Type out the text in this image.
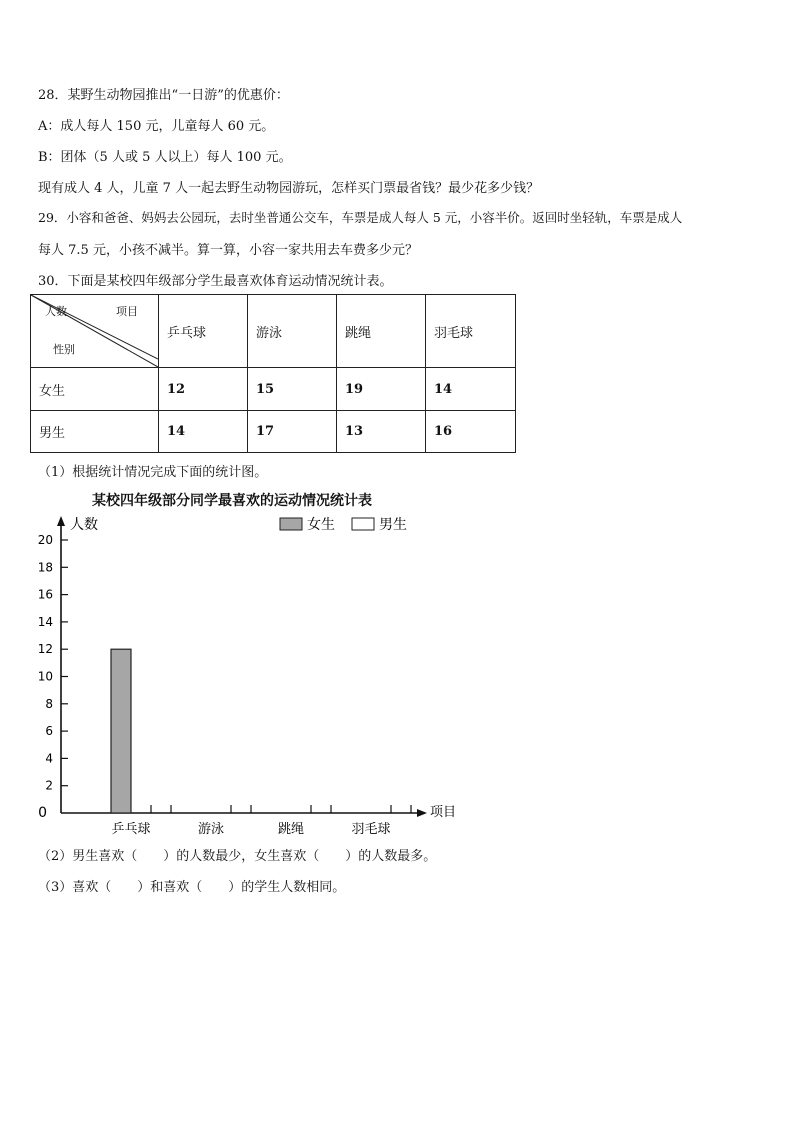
28．某野生动物园推出“一日游”的优惠价：
A：成人每人 150 元，儿童每人 60 元。
B：团体（5 人或 5 人以上）每人 100 元。
现有成人 4 人，儿童 7 人一起去野生动物园游玩，怎样买门票最省钱？最少花多少钱？
29．小容和爸爸、妈妈去公园玩，去时坐普通公交车，车票是成人每人 5 元，小容半价。返回时坐轻轨，车票是成人
每人 7.5 元，小孩不减半。算一算，小容一家共用去车费多少元？
30．下面是某校四年级部分学生最喜欢体育运动情况统计表。
人数 项目
性别	乒乓球	游泳	跳绳	羽毛球
女生	12	15	19	14
男生	14	17	13	16
（1）根据统计情况完成下面的统计图。
某校四年级部分同学最喜欢的运动情况统计表
0
2
4
6
8
10
12
14
16
18
20
人数
项目
乒乓球	游泳	跳绳	羽毛球
女生	男生
（2）男生喜欢（　　）的人数最少，女生喜欢（　　）的人数最多。
（3）喜欢（　　）和喜欢（　　）的学生人数相同。
